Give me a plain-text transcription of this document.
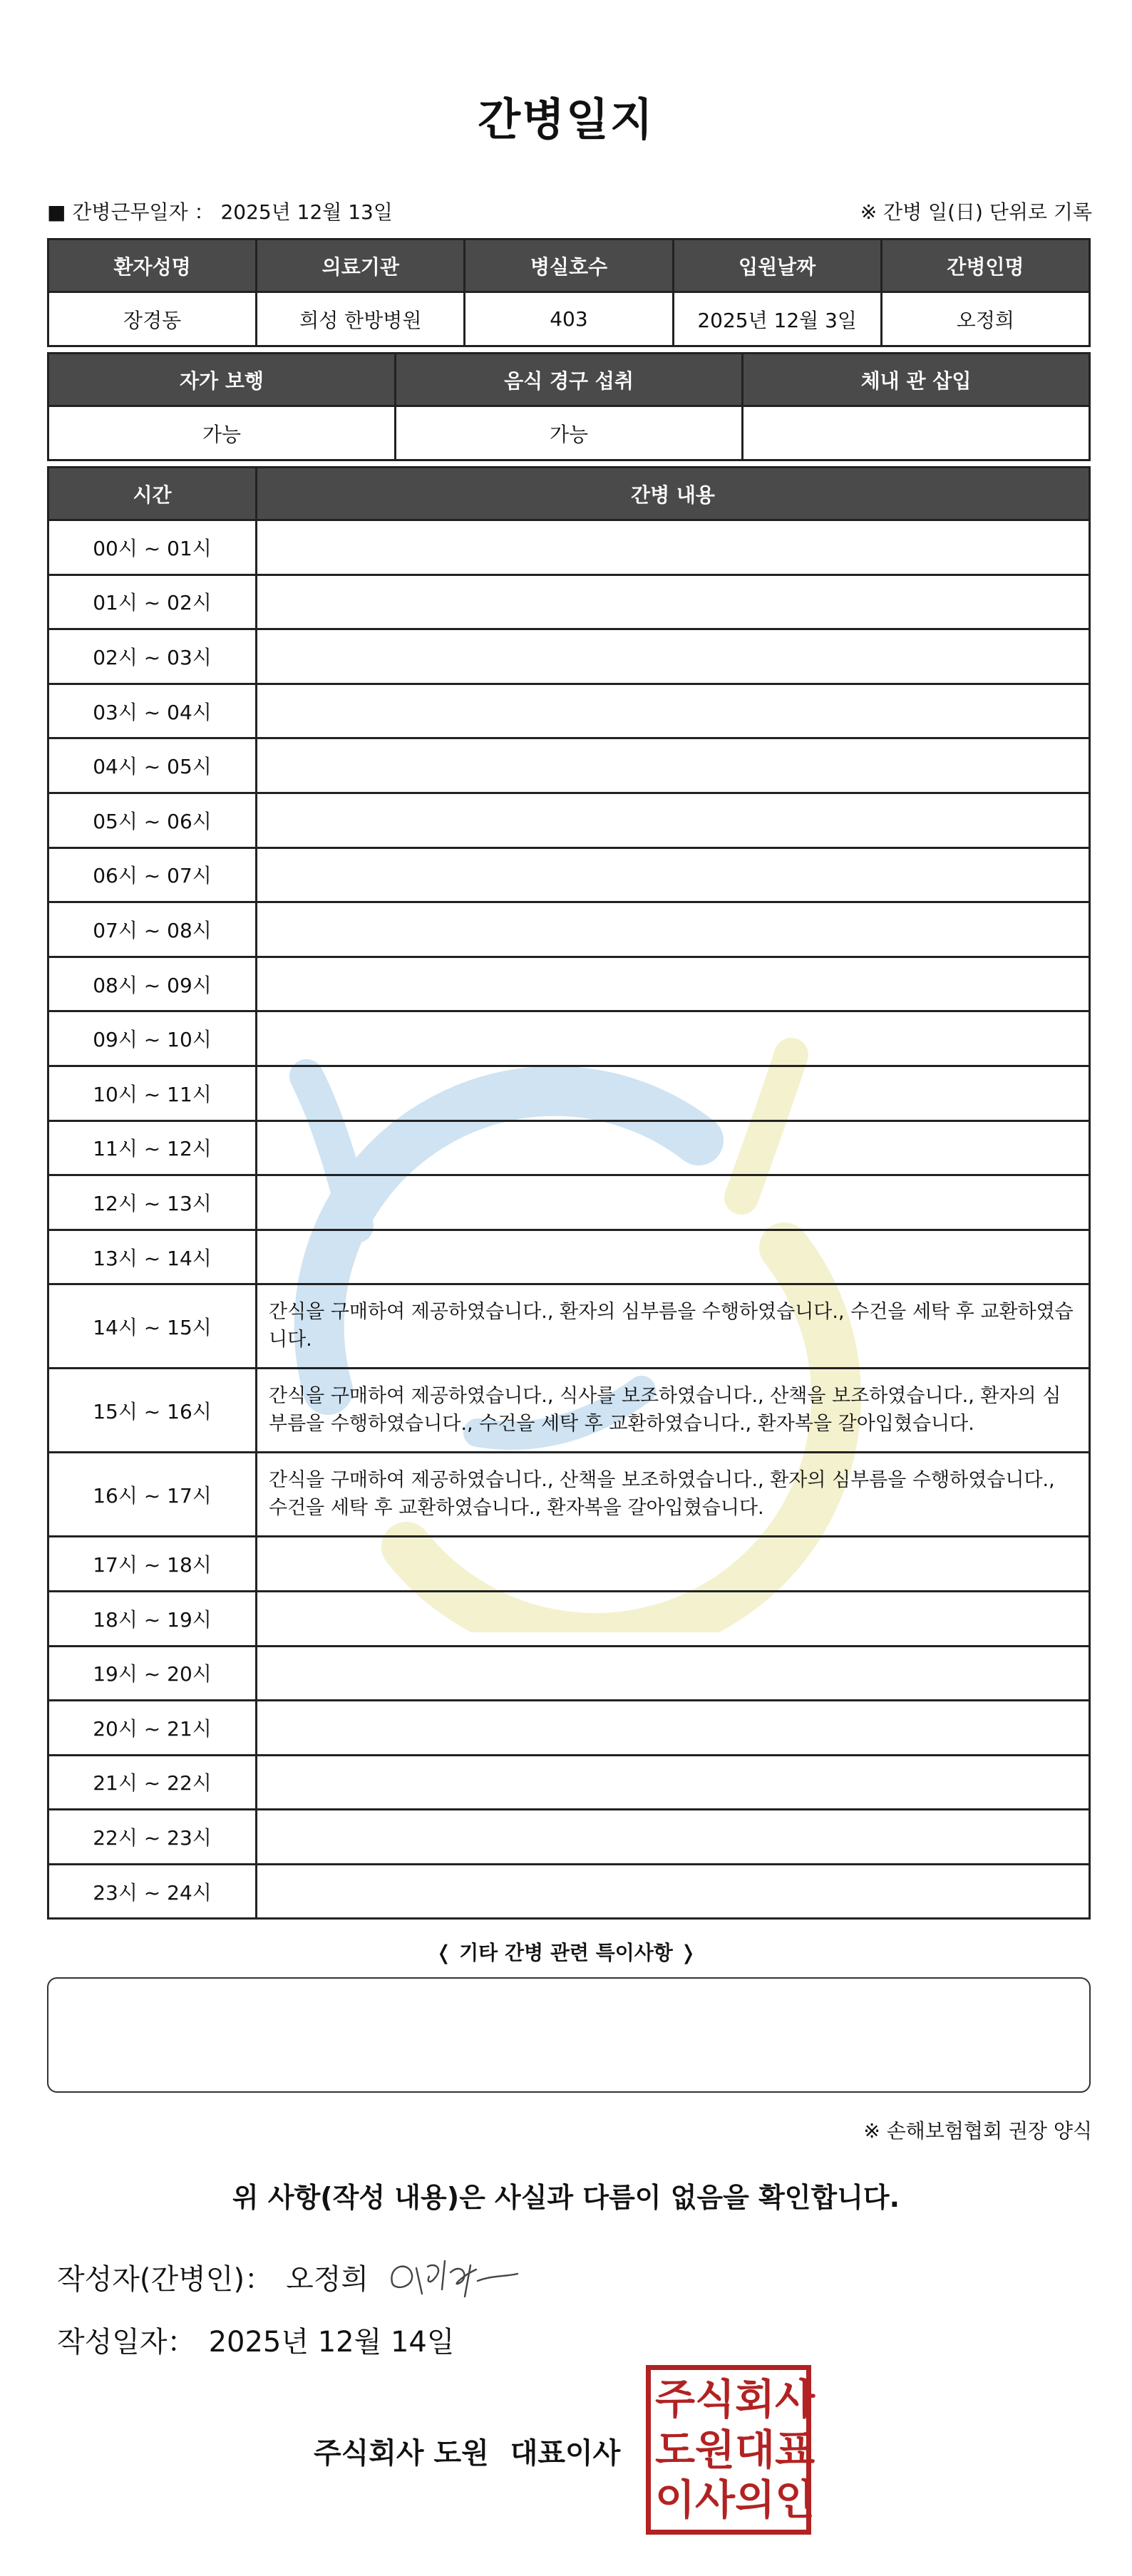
간병일지
■ 간병근무일자 ： 2025년 12월 13일	※ 간병 일(日) 단위로 기록
환자성명	의료기관	병실호수	입원날짜	간병인명
장경동	희성 한방병원	403	2025년 12월 3일	오정희
자가 보행	음식 경구 섭취	체내 관 삽입
가능	가능	
시간	간병 내용
00시 ~ 01시	
01시 ~ 02시	
02시 ~ 03시	
03시 ~ 04시	
04시 ~ 05시	
05시 ~ 06시	
06시 ~ 07시	
07시 ~ 08시	
08시 ~ 09시	
09시 ~ 10시	
10시 ~ 11시	
11시 ~ 12시	
12시 ~ 13시	
13시 ~ 14시	
14시 ~ 15시	간식을 구매하여 제공하였습니다., 환자의 심부름을 수행하였습니다., 수건을 세탁 후 교환하였습니다.
15시 ~ 16시	간식을 구매하여 제공하였습니다., 식사를 보조하였습니다., 산책을 보조하였습니다., 환자의 심부름을 수행하였습니다., 수건을 세탁 후 교환하였습니다., 환자복을 갈아입혔습니다.
16시 ~ 17시	간식을 구매하여 제공하였습니다., 산책을 보조하였습니다., 환자의 심부름을 수행하였습니다., 수건을 세탁 후 교환하였습니다., 환자복을 갈아입혔습니다.
17시 ~ 18시	
18시 ~ 19시	
19시 ~ 20시	
20시 ~ 21시	
21시 ~ 22시	
22시 ~ 23시	
23시 ~ 24시	
❬ 기타 간병 관련 특이사항 ❭
※ 손해보험협회 권장 양식
위 사항(작성 내용)은 사실과 다름이 없음을 확인합니다.
작성자(간병인)： 오정희
작성일자： 2025년 12월 14일
주식회사 도원 대표이사
주 식 회 사
도 원 대 표
이 사 의 인
